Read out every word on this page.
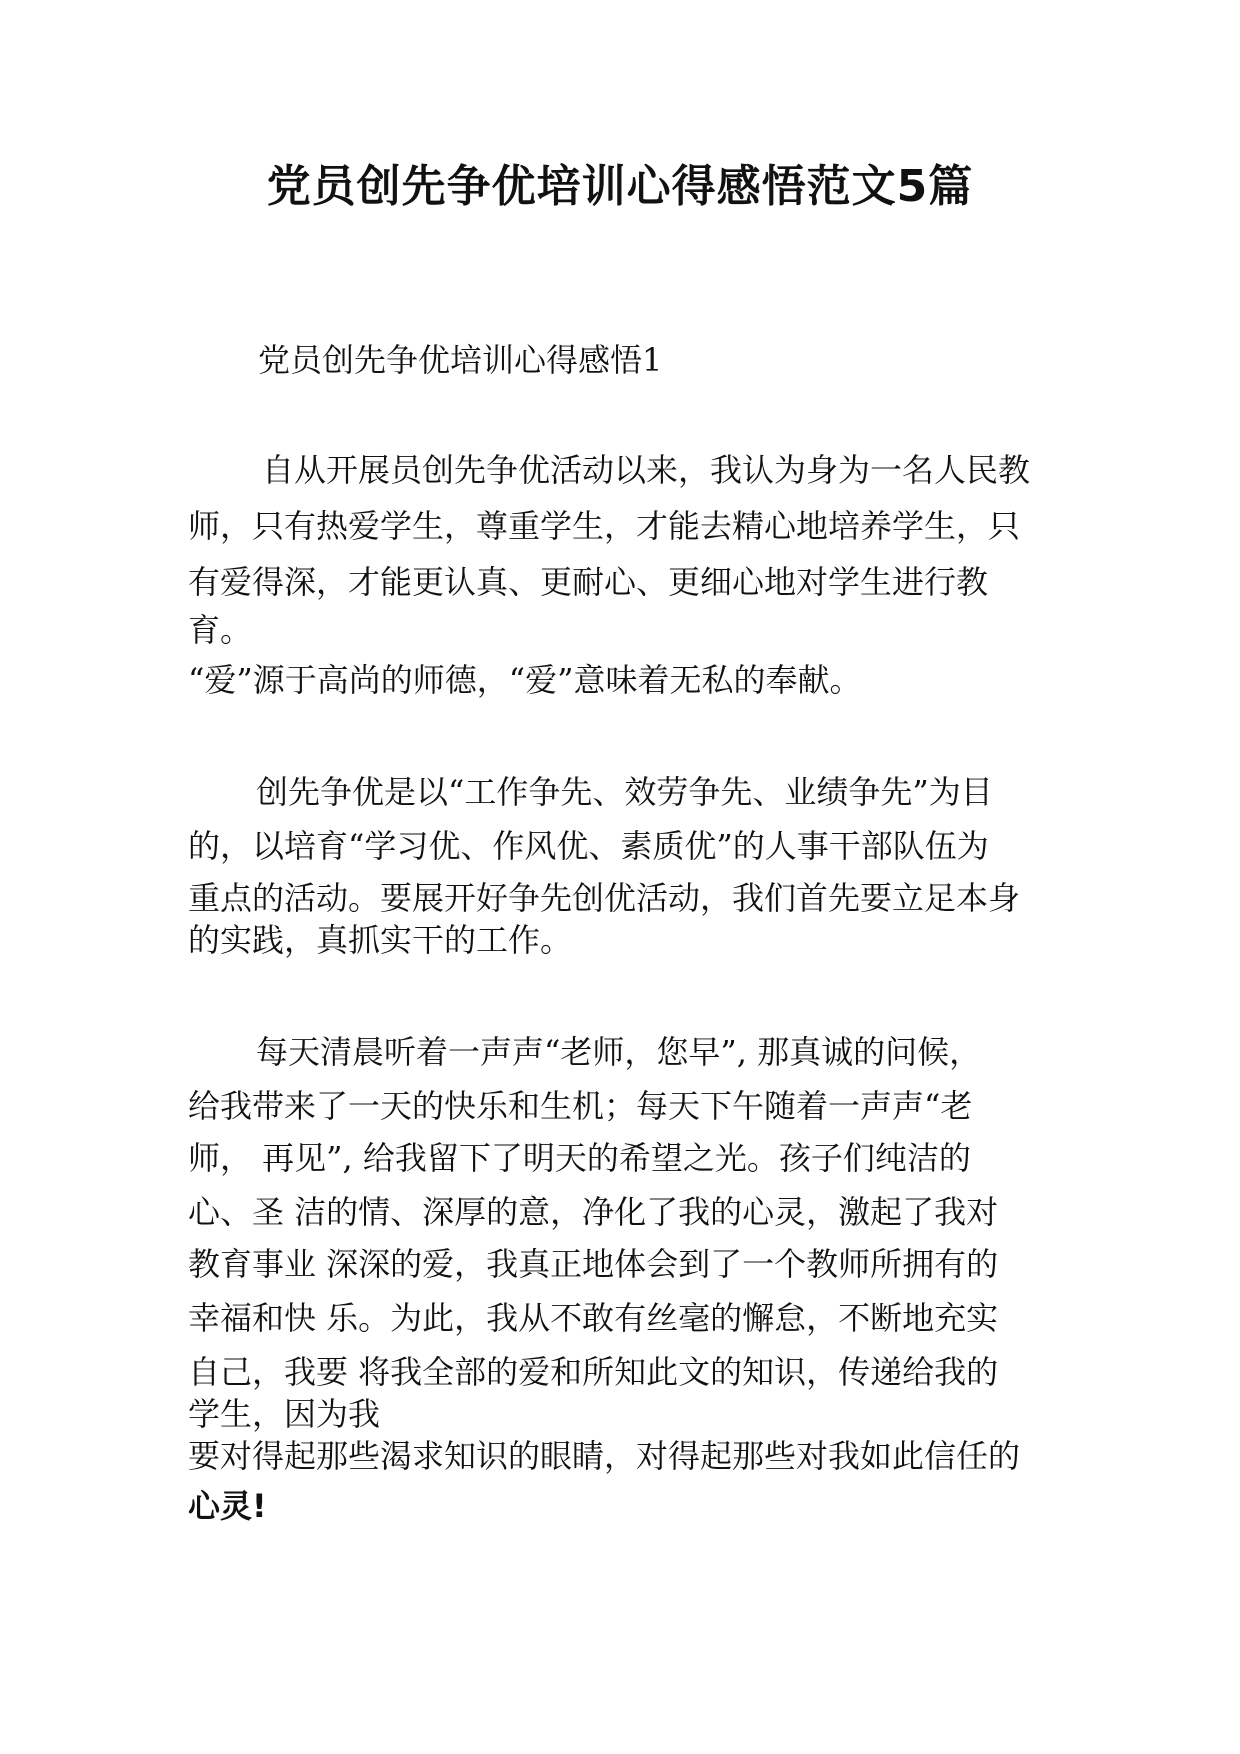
党员创先争优培训心得感悟范文5篇

党员创先争优培训心得感悟1

自从开展员创先争优活动以来，我认为身为一名人民教

师，只有热爱学生，尊重学生，才能去精心地培养学生，只

有爱得深，才能更认真、更耐心、更细心地对学生进行教

育。

“爱”源于高尚的师德，“爱”意味着无私的奉献。

创先争优是以“工作争先、效劳争先、业绩争先”为目

的，以培育“学习优、作风优、素质优”的人事干部队伍为

重点的活动。要展开好争先创优活动，我们首先要立足本身

的实践，真抓实干的工作。

每天清晨听着一声声“老师，您早”, 那真诚的问候，

给我带来了一天的快乐和生机；每天下午随着一声声“老

师， 再见”, 给我留下了明天的希望之光。孩子们纯洁的

心、圣 洁的情、深厚的意，净化了我的心灵，激起了我对

教育事业 深深的爱，我真正地体会到了一个教师所拥有的

幸福和快 乐。为此，我从不敢有丝毫的懈怠，不断地充实

自己，我要 将我全部的爱和所知此文的知识，传递给我的

学生，因为我

要对得起那些渴求知识的眼睛，对得起那些对我如此信任的

心灵!
